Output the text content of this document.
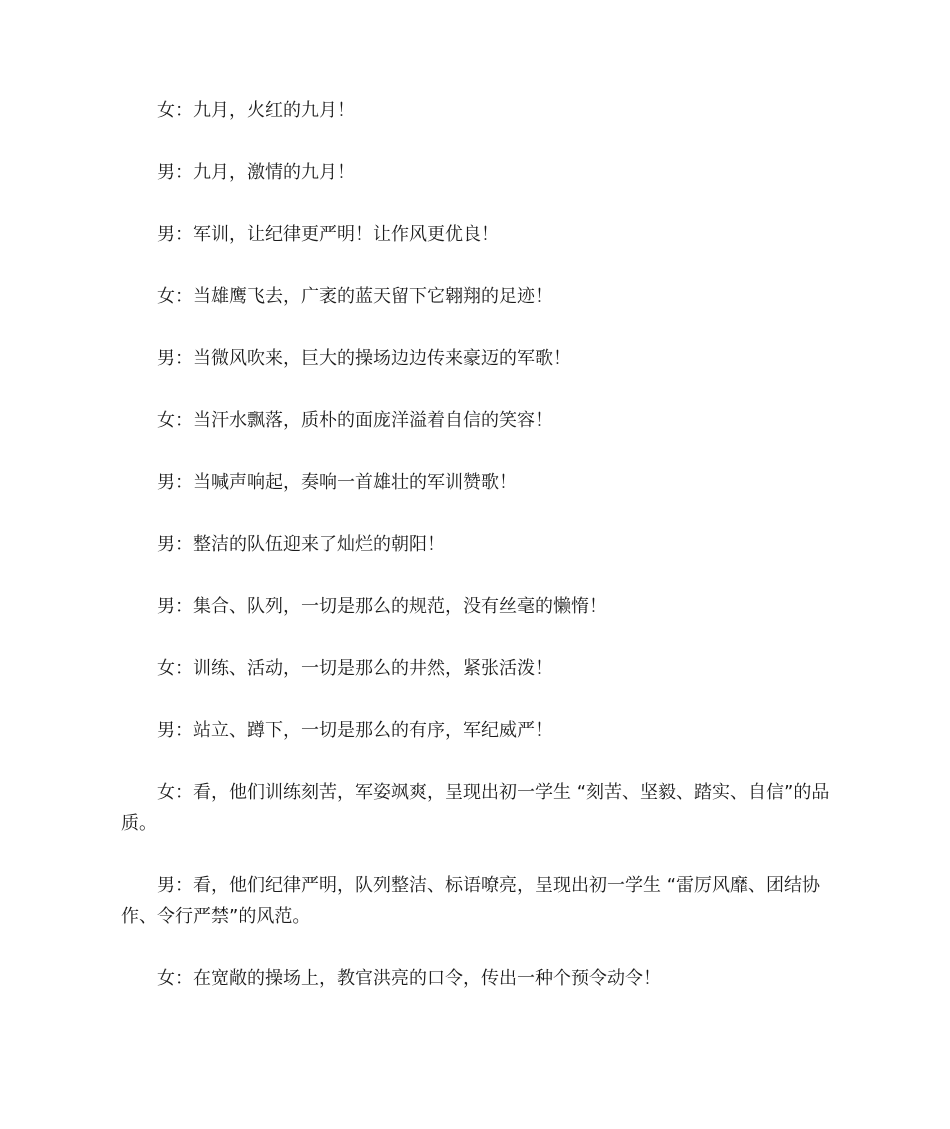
女：九月，火红的九月！

男：九月，激情的九月！

男：军训，让纪律更严明！让作风更优良！

女：当雄鹰飞去，广袤的蓝天留下它翱翔的足迹！

男：当微风吹来，巨大的操场边边传来豪迈的军歌！

女：当汗水飘落，质朴的面庞洋溢着自信的笑容！

男：当喊声响起，奏响一首雄壮的军训赞歌！

男：整洁的队伍迎来了灿烂的朝阳！

男：集合、队列，一切是那么的规范，没有丝毫的懒惰！

女：训练、活动，一切是那么的井然，紧张活泼！

男：站立、蹲下，一切是那么的有序，军纪威严！

女：看，他们训练刻苦，军姿飒爽，呈现出初一学生 “刻苦、坚毅、踏实、自信”的品质。

男：看，他们纪律严明，队列整洁、标语嘹亮，呈现出初一学生 “雷厉风靡、团结协作、令行严禁”的风范。

女：在宽敞的操场上，教官洪亮的口令，传出一种个预令动令！
